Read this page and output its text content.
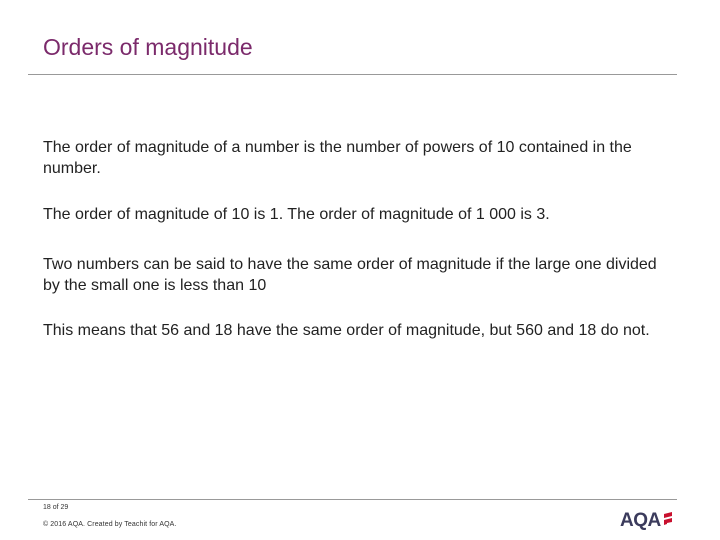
Orders of magnitude

The order of magnitude of a number is the number of powers of 10 contained in the number.

The order of magnitude of 10 is 1. The order of magnitude of 1 000 is 3.

Two numbers can be said to have the same order of magnitude if the large one divided by the small one is less than 10

This means that 56 and 18 have the same order of magnitude, but 560 and 18 do not.

18 of 29
© 2016 AQA. Created by Teachit for AQA.	AQA
